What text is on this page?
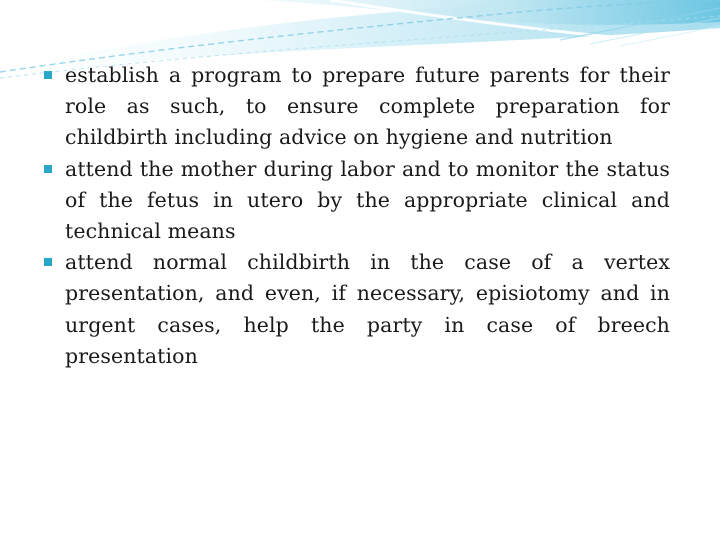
establish a program to prepare future parents for their role as such, to ensure complete preparation for childbirth including advice on hygiene and nutrition
attend the mother during labor and to monitor the status of the fetus in utero by the appropriate clinical and technical means
attend normal childbirth in the case of a vertex presentation, and even, if necessary, episiotomy and in urgent cases, help the party in case of breech presentation
